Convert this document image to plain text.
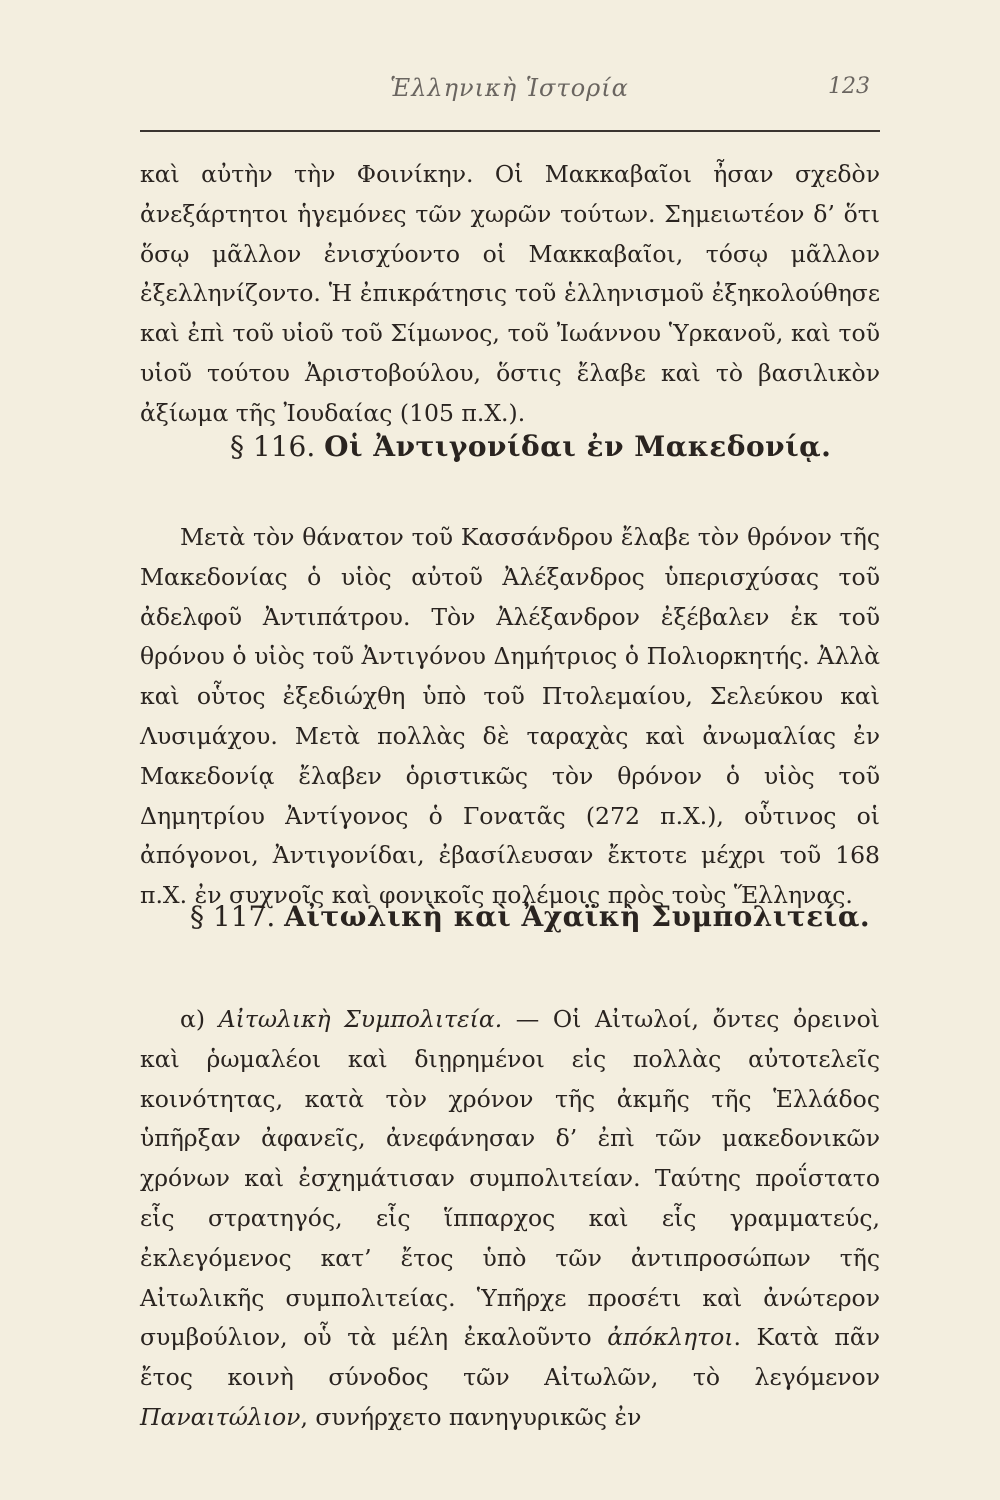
Ἑλληνικὴ Ἱστορία	123
καὶ αὐτὴν τὴν Φοινίκην. Οἱ Μακκαβαῖοι ἦσαν σχεδὸν ἀνεξάρτητοι ἡγεμόνες τῶν χωρῶν τούτων. Σημειωτέον δ’ ὅτι ὅσῳ μᾶλλον ἐνισχύοντο οἱ Μακκαβαῖοι, τόσῳ μᾶλλον ἐξελληνίζοντο. Ἡ ἐπικράτησις τοῦ ἑλληνισμοῦ ἐξηκολούθησε καὶ ἐπὶ τοῦ υἱοῦ τοῦ Σίμωνος, τοῦ Ἰωάννου Ὑρκανοῦ, καὶ τοῦ υἱοῦ τούτου Ἀριστοβούλου, ὅστις ἔλαβε καὶ τὸ βασιλικὸν ἀξίωμα τῆς Ἰουδαίας (105 π.Χ.).
§ 116. Οἱ Ἀντιγονίδαι ἐν Μακεδονίᾳ.
Μετὰ τὸν θάνατον τοῦ Κασσάνδρου ἔλαβε τὸν θρόνον τῆς Μακεδονίας ὁ υἱὸς αὐτοῦ Ἀλέξανδρος ὑπερισχύσας τοῦ ἀδελφοῦ Ἀντιπάτρου. Τὸν Ἀλέξανδρον ἐξέβαλεν ἐκ τοῦ θρόνου ὁ υἱὸς τοῦ Ἀντιγόνου Δημήτριος ὁ Πολιορκητής. Ἀλλὰ καὶ οὗτος ἐξεδιώχθη ὑπὸ τοῦ Πτολεμαίου, Σελεύκου καὶ Λυσιμάχου. Μετὰ πολλὰς δὲ ταραχὰς καὶ ἀνωμαλίας ἐν Μακεδονίᾳ ἔλαβεν ὁριστικῶς τὸν θρόνον ὁ υἱὸς τοῦ Δημητρίου Ἀντίγονος ὁ Γονατᾶς (272 π.Χ.), οὗτινος οἱ ἀπόγονοι, Ἀντιγονίδαι, ἐβασίλευσαν ἔκτοτε μέχρι τοῦ 168 π.Χ. ἐν συχνοῖς καὶ φονικοῖς πολέμοις πρὸς τοὺς Ἕλληνας.
§ 117. Αἰτωλικὴ καὶ Ἀχαϊκὴ Συμπολιτεία.
α) Αἰτωλικὴ Συμπολιτεία. — Οἱ Αἰτωλοί, ὄντες ὀρεινοὶ καὶ ῥωμαλέοι καὶ διῃρημένοι εἰς πολλὰς αὐτοτελεῖς κοινότητας, κατὰ τὸν χρόνον τῆς ἀκμῆς τῆς Ἑλλάδος ὑπῆρξαν ἀφανεῖς, ἀνεφάνησαν δ’ ἐπὶ τῶν μακεδονικῶν χρόνων καὶ ἐσχημάτισαν συμπολιτείαν. Ταύτης προΐστατο εἷς στρατηγός, εἷς ἵππαρχος καὶ εἷς γραμματεύς, ἐκλεγόμενος κατ’ ἔτος ὑπὸ τῶν ἀντιπροσώπων τῆς Αἰτωλικῆς συμπολιτείας. Ὑπῆρχε προσέτι καὶ ἀνώτερον συμβούλιον, οὗ τὰ μέλη ἐκαλοῦντο ἀπόκλητοι. Κατὰ πᾶν ἔτος κοινὴ σύνοδος τῶν Αἰτωλῶν, τὸ λεγόμενον Παναιτώλιον, συνήρχετο πανηγυρικῶς ἐν
